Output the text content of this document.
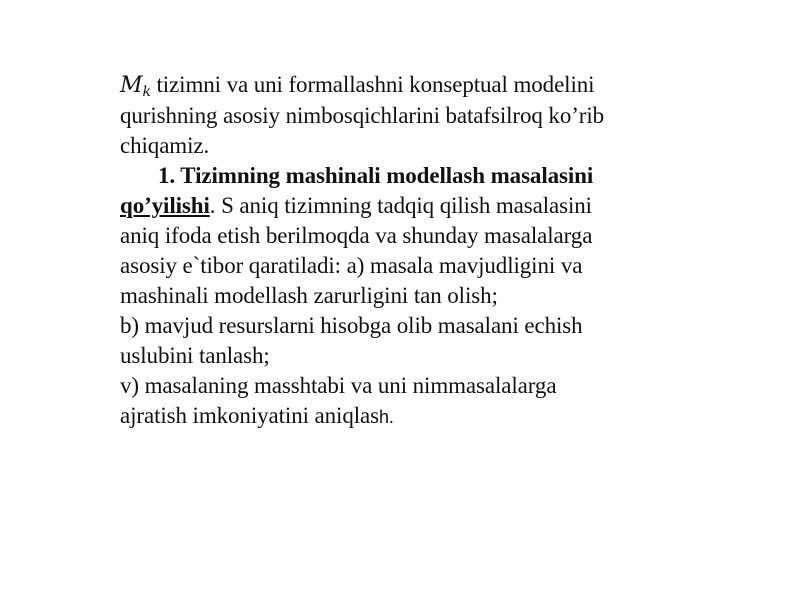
$M_k$ tizimni va uni formallashni konseptual modelini
qurishning asosiy nimbosqichlarini batafsilroq ko’rib
chiqamiz.
1. Tizimning mashinali modellash masalasini
qo’yilishi. S aniq tizimning tadqiq qilish masalasini
aniq ifoda etish berilmoqda va shunday masalalarga
asosiy e`tibor qaratiladi: a) masala mavjudligini va
mashinali modellash zarurligini tan olish;
b) mavjud resurslarni hisobga olib masalani echish
uslubini tanlash;
v) masalaning masshtabi va uni nimmasalalarga
ajratish imkoniyatini aniqlash.
